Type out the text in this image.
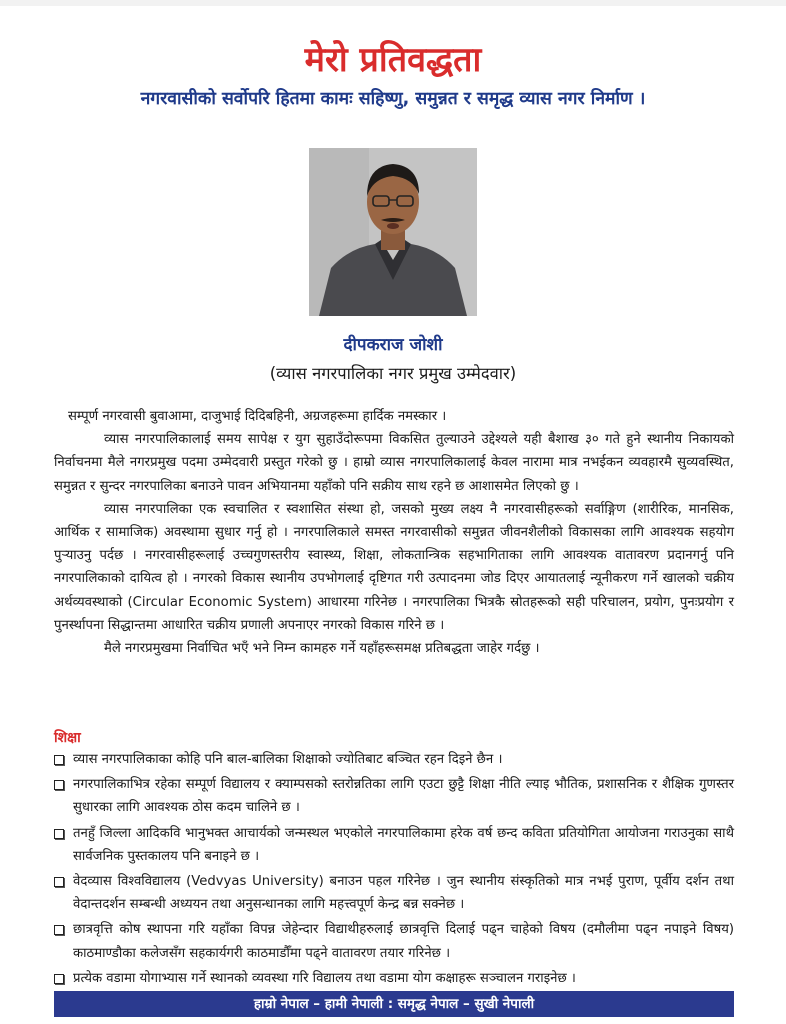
मेरो प्रतिवद्धता
नगरवासीको सर्वोपरि हितमा कामः सहिष्णु, समुन्नत र समृद्ध व्यास नगर निर्माण ।
दीपकराज जोशी
(व्यास नगरपालिका नगर प्रमुख उम्मेदवार)

सम्पूर्ण नगरवासी बुवाआमा, दाजुभाई दिदिबहिनी, अग्रजहरूमा हार्दिक नमस्कार ।

व्यास नगरपालिकालाई समय सापेक्ष र युग सुहाउँदोरूपमा विकसित तुल्याउने उद्देश्यले यही बैशाख ३० गते हुने स्थानीय निकायको निर्वाचनमा मैले नगरप्रमुख पदमा उम्मेदवारी प्रस्तुत गरेको छु । हाम्रो व्यास नगरपालिकालाई केवल नारामा मात्र नभईकन व्यवहारमै सुव्यवस्थित, समुन्नत र सुन्दर नगरपालिका बनाउने पावन अभियानमा यहाँको पनि सक्रीय साथ रहने छ आशासमेत लिएको छु ।

व्यास नगरपालिका एक स्वचालित र स्वशासित संस्था हो, जसको मुख्य लक्ष्य नै नगरवासीहरूको सर्वाङ्गिण (शारीरिक, मानसिक, आर्थिक र सामाजिक) अवस्थामा सुधार गर्नु हो । नगरपालिकाले समस्त नगरवासीको समुन्नत जीवनशैलीको विकासका लागि आवश्यक सहयोग पुऱ्याउनु पर्दछ । नगरवासीहरूलाई उच्चगुणस्तरीय स्वास्थ्य, शिक्षा, लोकतान्त्रिक सहभागिताका लागि आवश्यक वातावरण प्रदानगर्नु पनि नगरपालिकाको दायित्व हो । नगरको विकास स्थानीय उपभोगलाई दृष्टिगत गरी उत्पादनमा जोड दिएर आयातलाई न्यूनीकरण गर्ने खालको चक्रीय अर्थव्यवस्थाको (Circular Economic System) आधारमा गरिनेछ । नगरपालिका भित्रकै स्रोतहरूको सही परिचालन, प्रयोग, पुनःप्रयोग र पुनर्स्थापना सिद्धान्तमा आधारित चक्रीय प्रणाली अपनाएर नगरको विकास गरिने छ ।

मैले नगरप्रमुखमा निर्वाचित भएँ भने निम्न कामहरु गर्ने यहाँहरूसमक्ष प्रतिबद्धता जाहेर गर्दछु ।

शिक्षा
व्यास नगरपालिकाका कोहि पनि बाल-बालिका शिक्षाको ज्योतिबाट बञ्चित रहन दिइने छैन ।
नगरपालिकाभित्र रहेका सम्पूर्ण विद्यालय र क्याम्पसको स्तरोन्नतिका लागि एउटा छुट्टै शिक्षा नीति ल्याइ भौतिक, प्रशासनिक र शैक्षिक गुणस्तर सुधारका लागि आवश्यक ठोस कदम चालिने छ ।
तनहुँ जिल्ला आदिकवि भानुभक्त आचार्यको जन्मस्थल भएकोले नगरपालिकामा हरेक वर्ष छन्द कविता प्रतियोगिता आयोजना गराउनुका साथै सार्वजनिक पुस्तकालय पनि बनाइने छ ।
वेदव्यास विश्वविद्यालय (Vedvyas University) बनाउन पहल गरिनेछ । जुन स्थानीय संस्कृतिको मात्र नभई पुराण, पूर्वीय दर्शन तथा वेदान्तदर्शन सम्बन्धी अध्ययन तथा अनुसन्धानका लागि महत्त्वपूर्ण केन्द्र बन्न सक्नेछ ।
छात्रवृत्ति कोष स्थापना गरि यहाँका विपन्न जेहेन्दार विद्याथीहरुलाई छात्रवृत्ति दिलाई पढ्न चाहेको विषय (दमौलीमा पढ्न नपाइने विषय) काठमाण्डौका कलेजसँग सहकार्यगरी काठमाडौँमा पढ्ने वातावरण तयार गरिनेछ ।
प्रत्येक वडामा योगाभ्यास गर्ने स्थानको व्यवस्था गरि विद्यालय तथा वडामा योग कक्षाहरू सञ्चालन गराइनेछ ।
हाम्रो नेपाल – हामी नेपाली : समृद्ध नेपाल – सुखी नेपाली
